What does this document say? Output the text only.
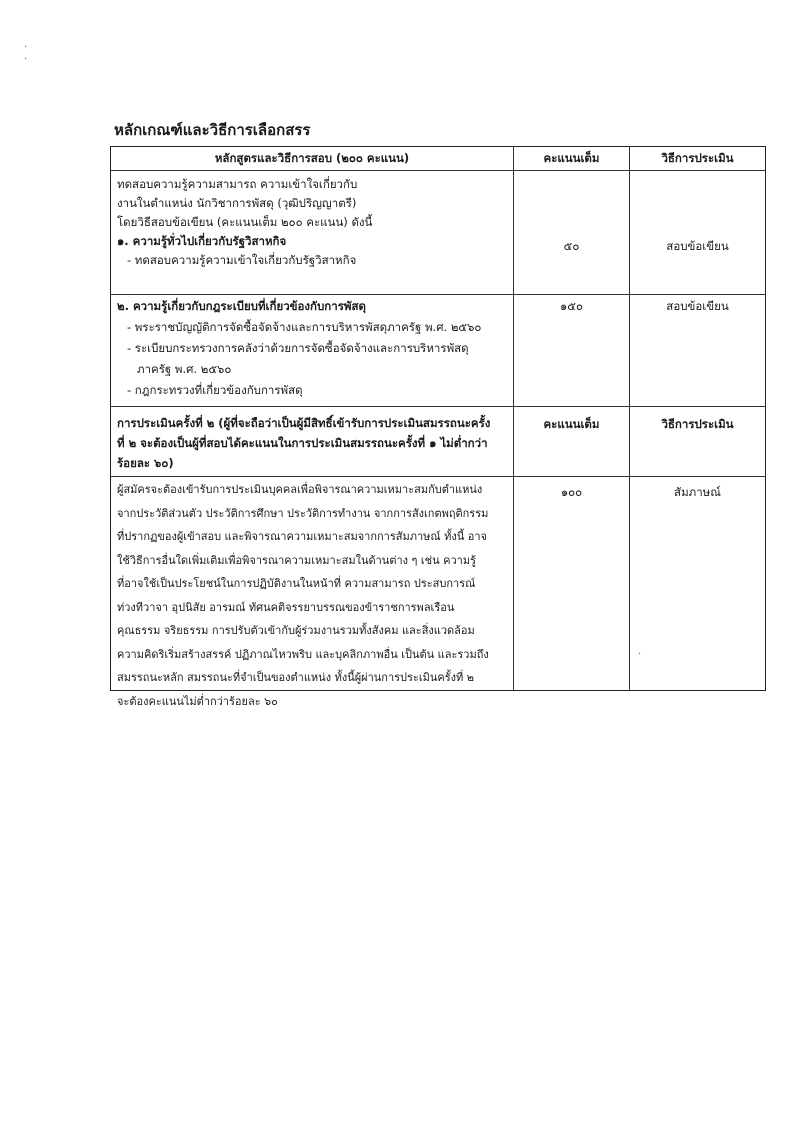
·
·
หลักเกณฑ์และวิธีการเลือกสรร
หลักสูตรและวิธีการสอบ (๒๐๐ คะแนน)	คะแนนเต็ม	วิธีการประเมิน
ทดสอบความรู้ความสามารถ ความเข้าใจเกี่ยวกับ
งานในตำแหน่ง นักวิชาการพัสดุ (วุฒิปริญญาตรี)
โดยวิธีสอบข้อเขียน (คะแนนเต็ม ๒๐๐ คะแนน) ดังนี้
๑. ความรู้ทั่วไปเกี่ยวกับรัฐวิสาหกิจ
- ทดสอบความรู้ความเข้าใจเกี่ยวกับรัฐวิสาหกิจ
๕๐	สอบข้อเขียน
๒. ความรู้เกี่ยวกับกฎระเบียบที่เกี่ยวข้องกับการพัสดุ
- พระราชบัญญัติการจัดซื้อจัดจ้างและการบริหารพัสดุภาครัฐ พ.ศ. ๒๕๖๐
- ระเบียบกระทรวงการคลังว่าด้วยการจัดซื้อจัดจ้างและการบริหารพัสดุ
ภาครัฐ พ.ศ. ๒๕๖๐
- กฎกระทรวงที่เกี่ยวข้องกับการพัสดุ
๑๕๐	สอบข้อเขียน
การประเมินครั้งที่ ๒ (ผู้ที่จะถือว่าเป็นผู้มีสิทธิ์เข้ารับการประเมินสมรรถนะครั้ง
ที่ ๒ จะต้องเป็นผู้ที่สอบได้คะแนนในการประเมินสมรรถนะครั้งที่ ๑ ไม่ต่ำกว่า
ร้อยละ ๖๐)
คะแนนเต็ม	วิธีการประเมิน
ผู้สมัครจะต้องเข้ารับการประเมินบุคคลเพื่อพิจารณาความเหมาะสมกับตำแหน่ง
จากประวัติส่วนตัว ประวัติการศึกษา ประวัติการทำงาน จากการสังเกตพฤติกรรม
ที่ปรากฏของผู้เข้าสอบ และพิจารณาความเหมาะสมจากการสัมภาษณ์ ทั้งนี้ อาจ
ใช้วิธีการอื่นใดเพิ่มเติมเพื่อพิจารณาความเหมาะสมในด้านต่าง ๆ เช่น ความรู้
ที่อาจใช้เป็นประโยชน์ในการปฏิบัติงานในหน้าที่ ความสามารถ ประสบการณ์
ท่วงทีวาจา อุปนิสัย อารมณ์ ทัศนคติจรรยาบรรณของข้าราชการพลเรือน
คุณธรรม จริยธรรม การปรับตัวเข้ากับผู้ร่วมงานรวมทั้งสังคม และสิ่งแวดล้อม
ความคิดริเริ่มสร้างสรรค์ ปฏิภาณไหวพริบ และบุคลิกภาพอื่น เป็นต้น และรวมถึง
สมรรถนะหลัก สมรรถนะที่จำเป็นของตำแหน่ง ทั้งนี้ผู้ผ่านการประเมินครั้งที่ ๒
จะต้องคะแนนไม่ต่ำกว่าร้อยละ ๖๐
๑๐๐	สัมภาษณ์
·
